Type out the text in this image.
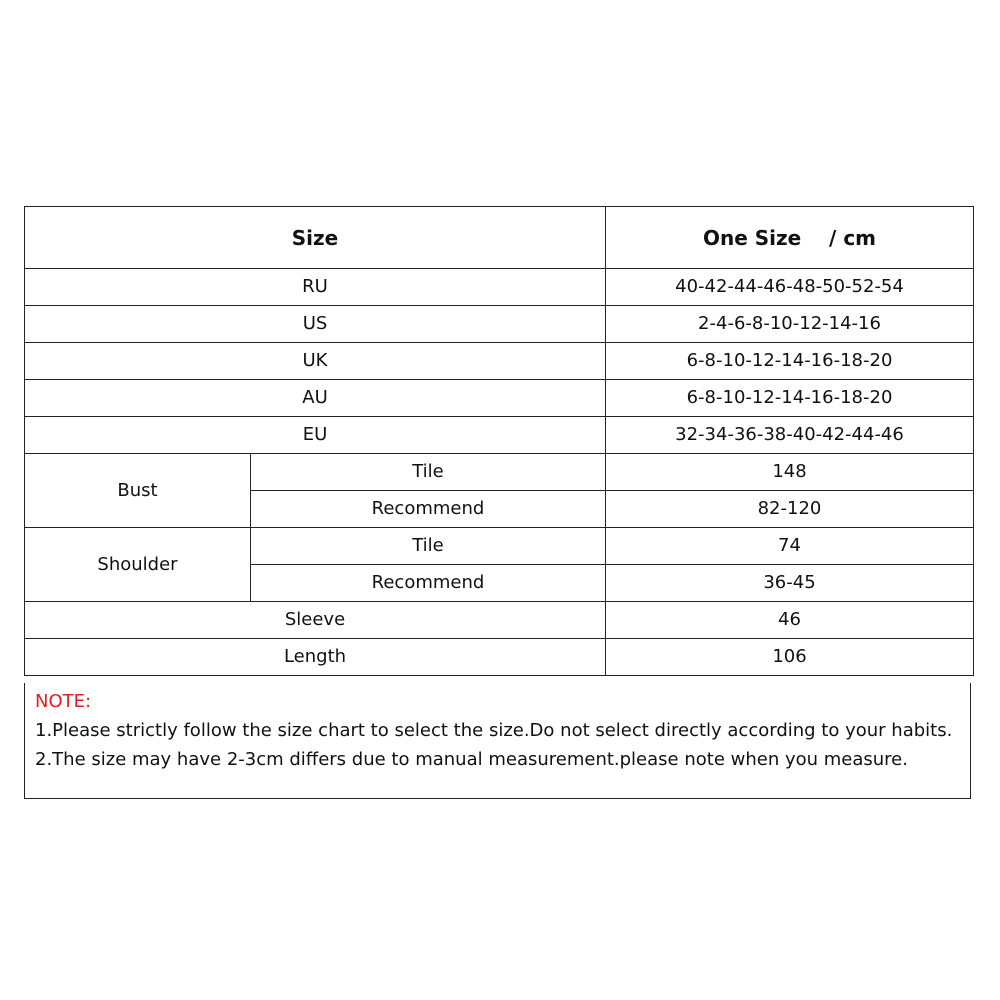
Size		One Size    / cm
RU		40-42-44-46-48-50-52-54
US		2-4-6-8-10-12-14-16
UK		6-8-10-12-14-16-18-20
AU		6-8-10-12-14-16-18-20
EU		32-34-36-38-40-42-44-46
Bust	Tile	148
	Recommend	82-120
Shoulder	Tile	74
	Recommend	36-45
Sleeve		46
Length		106
NOTE:
1.Please strictly follow the size chart to select the size.Do not select directly according to your habits.
2.The size may have 2-3cm differs due to manual measurement.please note when you measure.
